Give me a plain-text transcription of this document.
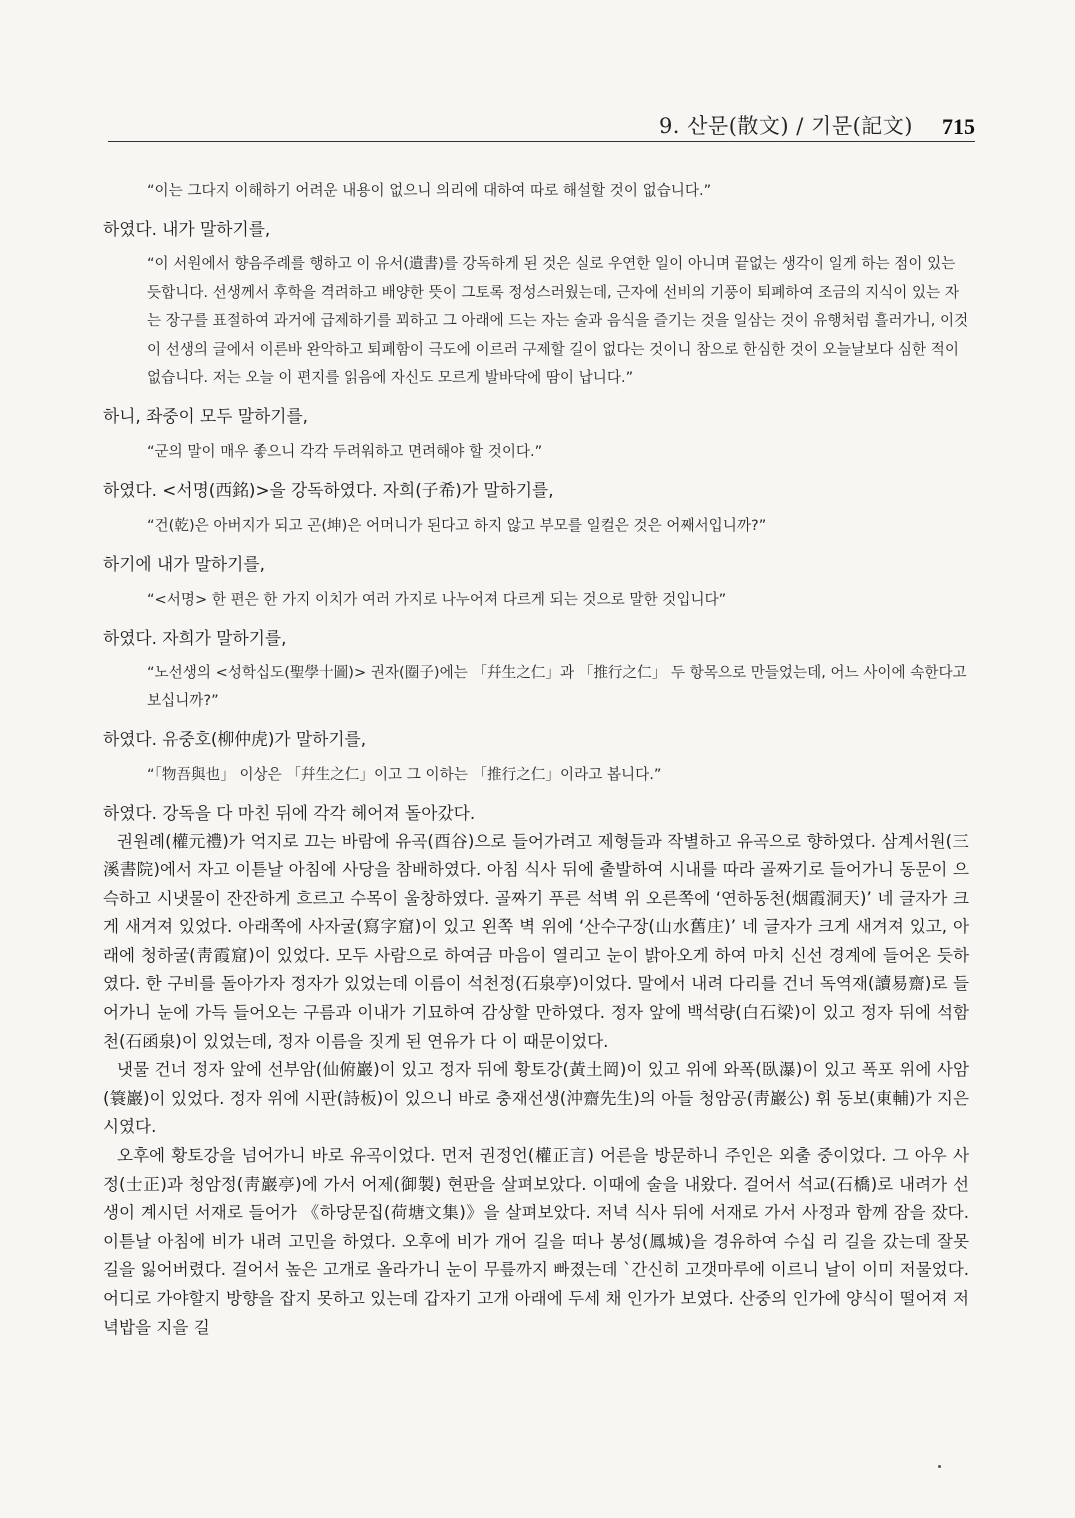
9. 산문(散文) / 기문(記文) 715

“이는 그다지 이해하기 어려운 내용이 없으니 의리에 대하여 따로 해설할 것이 없습니다.”

하였다. 내가 말하기를,

“이 서원에서 향음주례를 행하고 이 유서(遺書)를 강독하게 된 것은 실로 우연한 일이 아니며 끝없는 생각이 일게 하는 점이 있는 듯합니다. 선생께서 후학을 격려하고 배양한 뜻이 그토록 정성스러웠는데, 근자에 선비의 기풍이 퇴폐하여 조금의 지식이 있는 자는 장구를 표절하여 과거에 급제하기를 꾀하고 그 아래에 드는 자는 술과 음식을 즐기는 것을 일삼는 것이 유행처럼 흘러가니, 이것이 선생의 글에서 이른바 완악하고 퇴폐함이 극도에 이르러 구제할 길이 없다는 것이니 참으로 한심한 것이 오늘날보다 심한 적이 없습니다. 저는 오늘 이 편지를 읽음에 자신도 모르게 발바닥에 땀이 납니다.”

하니, 좌중이 모두 말하기를,

“군의 말이 매우 좋으니 각각 두려워하고 면려해야 할 것이다.”

하였다. <서명(西銘)>을 강독하였다. 자희(子希)가 말하기를,

“건(乾)은 아버지가 되고 곤(坤)은 어머니가 된다고 하지 않고 부모를 일컬은 것은 어째서입니까?”

하기에 내가 말하기를,

“<서명> 한 편은 한 가지 이치가 여러 가지로 나누어져 다르게 되는 것으로 말한 것입니다”

하였다. 자희가 말하기를,

“노선생의 <성학십도(聖學十圖)> 권자(圈子)에는 「幷生之仁」과 「推行之仁」 두 항목으로 만들었는데, 어느 사이에 속한다고 보십니까?”

하였다. 유중호(柳仲虎)가 말하기를,

“「物吾與也」 이상은 「幷生之仁」이고 그 이하는 「推行之仁」이라고 봅니다.”

하였다. 강독을 다 마친 뒤에 각각 헤어져 돌아갔다.

권원례(權元禮)가 억지로 끄는 바람에 유곡(酉谷)으로 들어가려고 제형들과 작별하고 유곡으로 향하였다. 삼계서원(三溪書院)에서 자고 이튿날 아침에 사당을 참배하였다. 아침 식사 뒤에 출발하여 시내를 따라 골짜기로 들어가니 동문이 으슥하고 시냇물이 잔잔하게 흐르고 수목이 울창하였다. 골짜기 푸른 석벽 위 오른쪽에 ‘연하동천(烟霞洞天)’ 네 글자가 크게 새겨져 있었다. 아래쪽에 사자굴(寫字窟)이 있고 왼쪽 벽 위에 ‘산수구장(山水舊庄)’ 네 글자가 크게 새겨져 있고, 아래에 청하굴(靑霞窟)이 있었다. 모두 사람으로 하여금 마음이 열리고 눈이 밝아오게 하여 마치 신선 경계에 들어온 듯하였다. 한 구비를 돌아가자 정자가 있었는데 이름이 석천정(石泉亭)이었다. 말에서 내려 다리를 건너 독역재(讀易齋)로 들어가니 눈에 가득 들어오는 구름과 이내가 기묘하여 감상할 만하였다. 정자 앞에 백석량(白石梁)이 있고 정자 뒤에 석함천(石函泉)이 있었는데, 정자 이름을 짓게 된 연유가 다 이 때문이었다.

냇물 건너 정자 앞에 선부암(仙俯巖)이 있고 정자 뒤에 황토강(黃土岡)이 있고 위에 와폭(臥瀑)이 있고 폭포 위에 사암(簑巖)이 있었다. 정자 위에 시판(詩板)이 있으니 바로 충재선생(沖齋先生)의 아들 청암공(靑巖公) 휘 동보(東輔)가 지은 시였다.

오후에 황토강을 넘어가니 바로 유곡이었다. 먼저 권정언(權正言) 어른을 방문하니 주인은 외출 중이었다. 그 아우 사정(士正)과 청암정(靑巖亭)에 가서 어제(御製) 현판을 살펴보았다. 이때에 술을 내왔다. 걸어서 석교(石橋)로 내려가 선생이 계시던 서재로 들어가 《하당문집(荷塘文集)》을 살펴보았다. 저녁 식사 뒤에 서재로 가서 사정과 함께 잠을 잤다. 이튿날 아침에 비가 내려 고민을 하였다. 오후에 비가 개어 길을 떠나 봉성(鳳城)을 경유하여 수십 리 길을 갔는데 잘못 길을 잃어버렸다. 걸어서 높은 고개로 올라가니 눈이 무릎까지 빠졌는데 `간신히 고갯마루에 이르니 날이 이미 저물었다. 어디로 가야할지 방향을 잡지 못하고 있는데 갑자기 고개 아래에 두세 채 인가가 보였다. 산중의 인가에 양식이 떨어져 저녁밥을 지을 길
